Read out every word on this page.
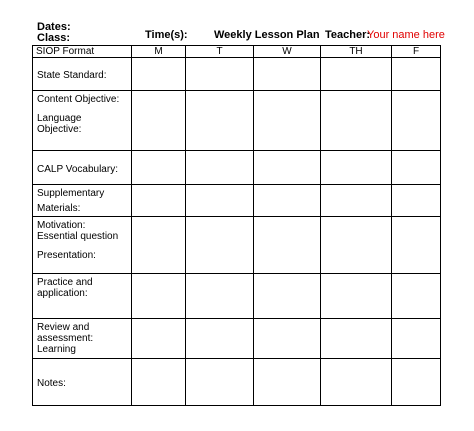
Dates:
Class:	Time(s): Weekly Lesson Plan Teacher:
Your name here
SIOP Format	M	T	W	TH	F

State Standard:					

Content Objective:
Language
Objective:					

CALP Vocabulary:					

Supplementary
Materials:					

Motivation:
Essential question
Presentation:					

Practice and
application:					

Review and
assessment:
Learning					

Notes:					
